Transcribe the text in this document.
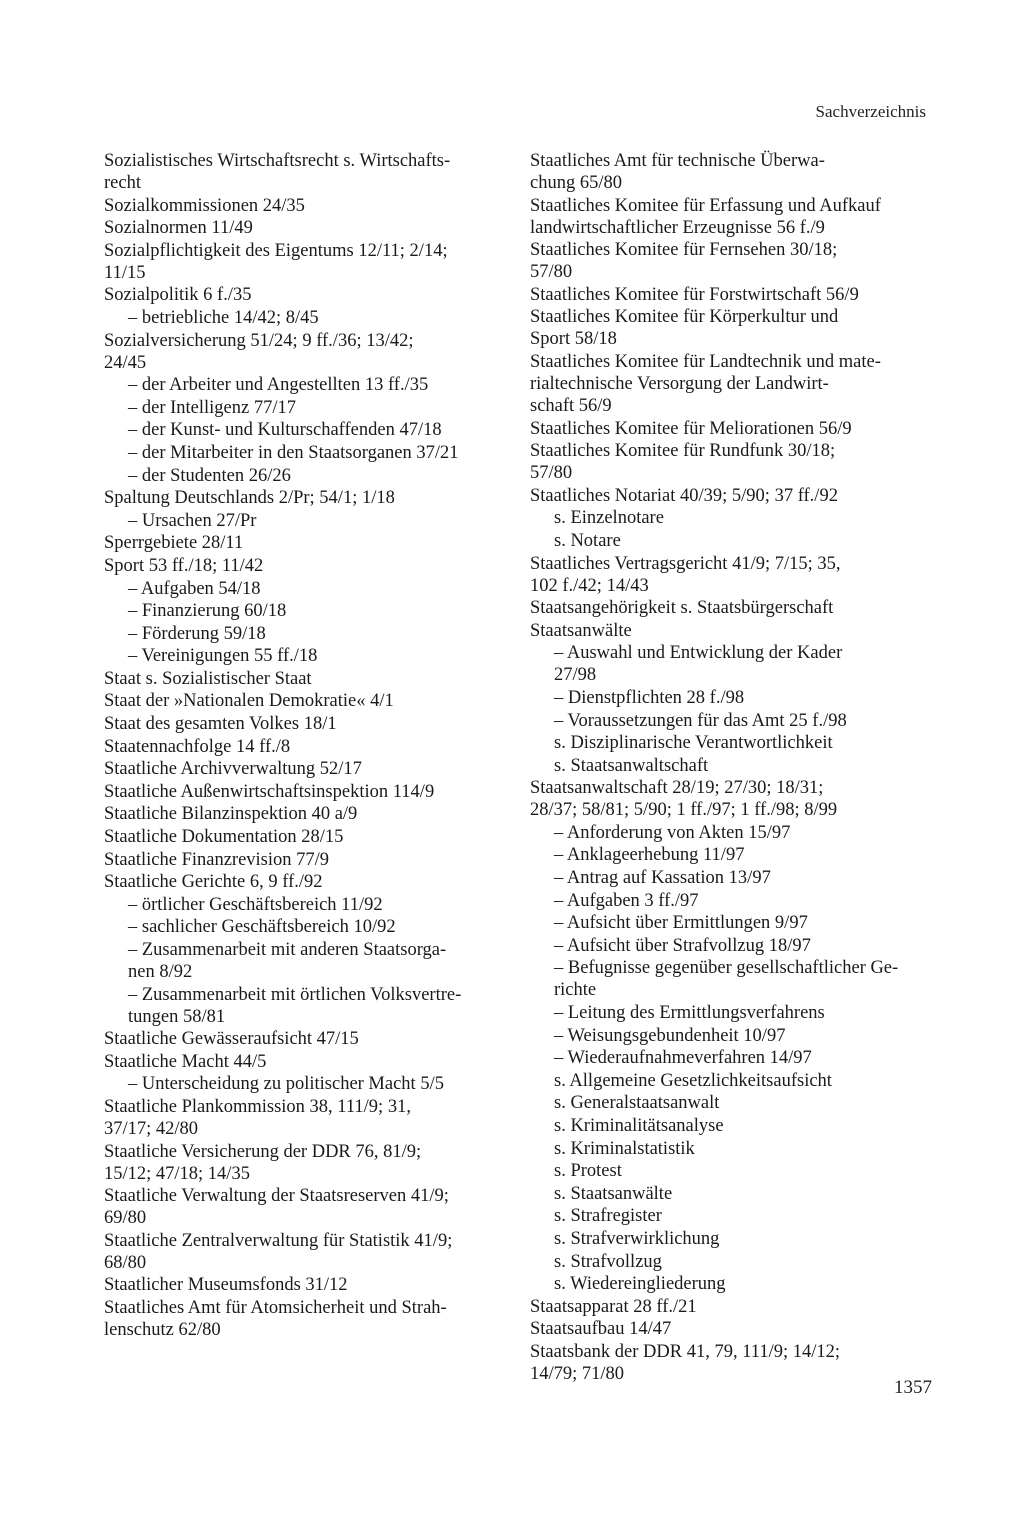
Sachverzeichnis
Sozialistisches Wirtschaftsrecht s. Wirtschafts-
recht
Sozialkommissionen 24/35
Sozialnormen 11/49
Sozialpflichtigkeit des Eigentums 12/11; 2/14;
11/15
Sozialpolitik 6 f./35
– betriebliche 14/42; 8/45
Sozialversicherung 51/24; 9 ff./36; 13/42;
24/45
– der Arbeiter und Angestellten 13 ff./35
– der Intelligenz 77/17
– der Kunst- und Kulturschaffenden 47/18
– der Mitarbeiter in den Staatsorganen 37/21
– der Studenten 26/26
Spaltung Deutschlands 2/Pr; 54/1; 1/18
– Ursachen 27/Pr
Sperrgebiete 28/11
Sport 53 ff./18; 11/42
– Aufgaben 54/18
– Finanzierung 60/18
– Förderung 59/18
– Vereinigungen 55 ff./18
Staat s. Sozialistischer Staat
Staat der »Nationalen Demokratie« 4/1
Staat des gesamten Volkes 18/1
Staatennachfolge 14 ff./8
Staatliche Archivverwaltung 52/17
Staatliche Außenwirtschaftsinspektion 114/9
Staatliche Bilanzinspektion 40 a/9
Staatliche Dokumentation 28/15
Staatliche Finanzrevision 77/9
Staatliche Gerichte 6, 9 ff./92
– örtlicher Geschäftsbereich 11/92
– sachlicher Geschäftsbereich 10/92
– Zusammenarbeit mit anderen Staatsorga-
nen 8/92
– Zusammenarbeit mit örtlichen Volksvertre-
tungen 58/81
Staatliche Gewässeraufsicht 47/15
Staatliche Macht 44/5
– Unterscheidung zu politischer Macht 5/5
Staatliche Plankommission 38, 111/9; 31,
37/17; 42/80
Staatliche Versicherung der DDR 76, 81/9;
15/12; 47/18; 14/35
Staatliche Verwaltung der Staatsreserven 41/9;
69/80
Staatliche Zentralverwaltung für Statistik 41/9;
68/80
Staatlicher Museumsfonds 31/12
Staatliches Amt für Atomsicherheit und Strah-
lenschutz 62/80
Staatliches Amt für technische Überwa-
chung 65/80
Staatliches Komitee für Erfassung und Aufkauf
landwirtschaftlicher Erzeugnisse 56 f./9
Staatliches Komitee für Fernsehen 30/18;
57/80
Staatliches Komitee für Forstwirtschaft 56/9
Staatliches Komitee für Körperkultur und
Sport 58/18
Staatliches Komitee für Landtechnik und mate-
rialtechnische Versorgung der Landwirt-
schaft 56/9
Staatliches Komitee für Meliorationen 56/9
Staatliches Komitee für Rundfunk 30/18;
57/80
Staatliches Notariat 40/39; 5/90; 37 ff./92
s. Einzelnotare
s. Notare
Staatliches Vertragsgericht 41/9; 7/15; 35,
102 f./42; 14/43
Staatsangehörigkeit s. Staatsbürgerschaft
Staatsanwälte
– Auswahl und Entwicklung der Kader
27/98
– Dienstpflichten 28 f./98
– Voraussetzungen für das Amt 25 f./98
s. Disziplinarische Verantwortlichkeit
s. Staatsanwaltschaft
Staatsanwaltschaft 28/19; 27/30; 18/31;
28/37; 58/81; 5/90; 1 ff./97; 1 ff./98; 8/99
– Anforderung von Akten 15/97
– Anklageerhebung 11/97
– Antrag auf Kassation 13/97
– Aufgaben 3 ff./97
– Aufsicht über Ermittlungen 9/97
– Aufsicht über Strafvollzug 18/97
– Befugnisse gegenüber gesellschaftlicher Ge-
richte
– Leitung des Ermittlungsverfahrens
– Weisungsgebundenheit 10/97
– Wiederaufnahmeverfahren 14/97
s. Allgemeine Gesetzlichkeitsaufsicht
s. Generalstaatsanwalt
s. Kriminalitätsanalyse
s. Kriminalstatistik
s. Protest
s. Staatsanwälte
s. Strafregister
s. Strafverwirklichung
s. Strafvollzug
s. Wiedereingliederung
Staatsapparat 28 ff./21
Staatsaufbau 14/47
Staatsbank der DDR 41, 79, 111/9; 14/12;
14/79; 71/80
1357
